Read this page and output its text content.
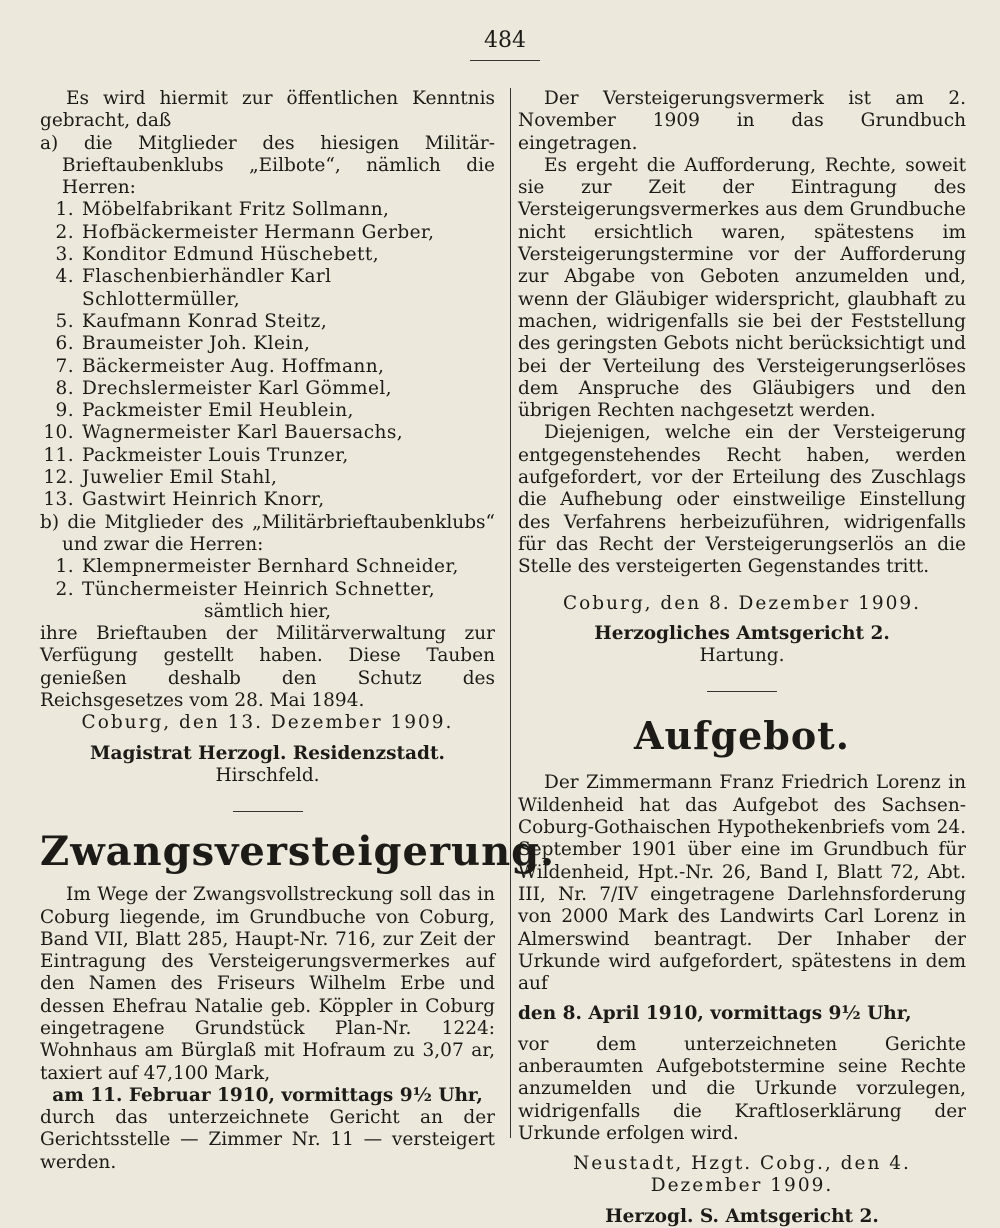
484

Es wird hiermit zur öffentlichen Kenntnis gebracht, daß

a) die Mitglieder des hiesigen Militär-Brieftaubenklubs „Eilbote“, nämlich die Herren:

1. Möbelfabrikant Fritz Sollmann,
2. Hofbäckermeister Hermann Gerber,
3. Konditor Edmund Hüschebett,
4. Flaschenbierhändler Karl Schlottermüller,
5. Kaufmann Konrad Steitz,
6. Braumeister Joh. Klein,
7. Bäckermeister Aug. Hoffmann,
8. Drechslermeister Karl Gömmel,
9. Packmeister Emil Heublein,
10. Wagnermeister Karl Bauersachs,
11. Packmeister Louis Trunzer,
12. Juwelier Emil Stahl,
13. Gastwirt Heinrich Knorr,

b) die Mitglieder des „Militärbrieftaubenklubs“ und zwar die Herren:

1. Klempnermeister Bernhard Schneider,
2. Tünchermeister Heinrich Schnetter,

sämtlich hier,

ihre Brieftauben der Militärverwaltung zur Verfügung gestellt haben. Diese Tauben genießen deshalb den Schutz des Reichsgesetzes vom 28. Mai 1894.

Coburg, den 13. Dezember 1909.

Magistrat Herzogl. Residenzstadt.

Hirschfeld.

Zwangsversteigerung.

Im Wege der Zwangsvollstreckung soll das in Coburg liegende, im Grundbuche von Coburg, Band VII, Blatt 285, Haupt-Nr. 716, zur Zeit der Eintragung des Versteigerungsvermerkes auf den Namen des Friseurs Wilhelm Erbe und dessen Ehefrau Natalie geb. Köppler in Coburg eingetragene Grundstück Plan-Nr. 1224: Wohnhaus am Bürglaß mit Hofraum zu 3,07 ar, taxiert auf 47,100 Mark,

am 11. Februar 1910, vormittags 9½ Uhr,

durch das unterzeichnete Gericht an der Gerichtsstelle — Zimmer Nr. 11 — versteigert werden.

Der Versteigerungsvermerk ist am 2. November 1909 in das Grundbuch eingetragen.

Es ergeht die Aufforderung, Rechte, soweit sie zur Zeit der Eintragung des Versteigerungsvermerkes aus dem Grundbuche nicht ersichtlich waren, spätestens im Versteigerungstermine vor der Aufforderung zur Abgabe von Geboten anzumelden und, wenn der Gläubiger widerspricht, glaubhaft zu machen, widrigenfalls sie bei der Feststellung des geringsten Gebots nicht berücksichtigt und bei der Verteilung des Versteigerungserlöses dem Anspruche des Gläubigers und den übrigen Rechten nachgesetzt werden.

Diejenigen, welche ein der Versteigerung entgegenstehendes Recht haben, werden aufgefordert, vor der Erteilung des Zuschlags die Aufhebung oder einstweilige Einstellung des Verfahrens herbeizuführen, widrigenfalls für das Recht der Versteigerungserlös an die Stelle des versteigerten Gegenstandes tritt.

Coburg, den 8. Dezember 1909.

Herzogliches Amtsgericht 2.

Hartung.

Aufgebot.

Der Zimmermann Franz Friedrich Lorenz in Wildenheid hat das Aufgebot des Sachsen-Coburg-Gothaischen Hypothekenbriefs vom 24. September 1901 über eine im Grundbuch für Wildenheid, Hpt.-Nr. 26, Band I, Blatt 72, Abt. III, Nr. 7/IV eingetragene Darlehnsforderung von 2000 Mark des Landwirts Carl Lorenz in Almerswind beantragt. Der Inhaber der Urkunde wird aufgefordert, spätestens in dem auf

den 8. April 1910, vormittags 9½ Uhr,

vor dem unterzeichneten Gerichte anberaumten Aufgebotstermine seine Rechte anzumelden und die Urkunde vorzulegen, widrigenfalls die Kraftloserklärung der Urkunde erfolgen wird.

Neustadt, Hzgt. Cobg., den 4. Dezember 1909.

Herzogl. S. Amtsgericht 2.
